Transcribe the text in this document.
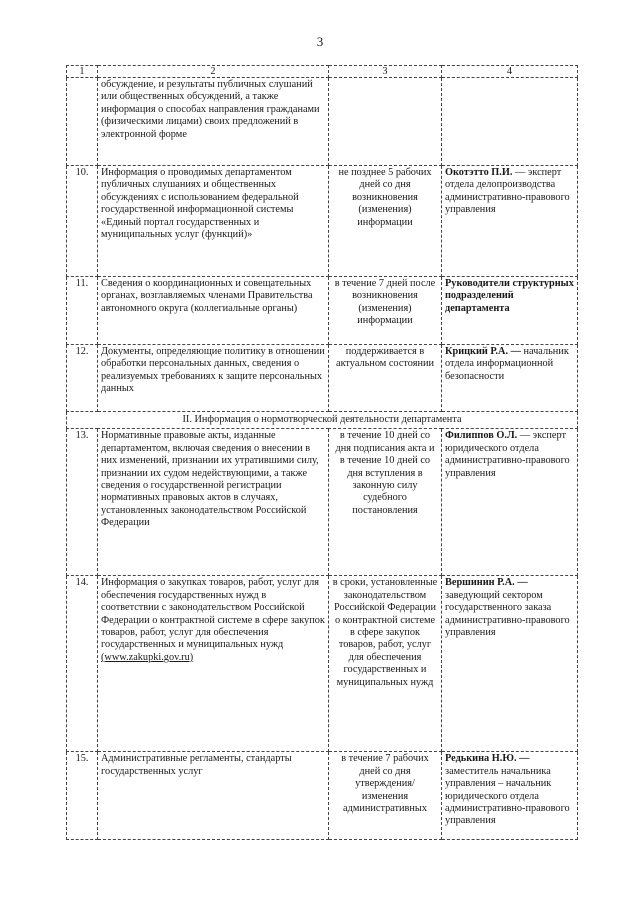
3
1	2	3	4
	обсуждение, и результаты публичных слушаний или общественных обсуждений, а также информация о способах направления гражданами (физическими лицами) своих предложений в электронной форме		
10.	Информация о проводимых департаментом публичных слушаниях и общественных обсуждениях с использованием федеральной государственной информационной системы «Единый портал государственных и муниципальных услуг (функций)»	не позднее 5 рабочих дней со дня возникновения (изменения) информации	Окотэтто П.И. — эксперт отдела делопроизводства административно-правового управления
11.	Сведения о координационных и совещательных органах, возглавляемых членами Правительства автономного округа (коллегиальные органы)	в течение 7 дней после возникновения (изменения) информации	Руководители структурных подразделений департамента
12.	Документы, определяющие политику в отношении обработки персональных данных, сведения о реализуемых требованиях к защите персональных данных	поддерживается в актуальном состоянии	Крицкий Р.А. — начальник отдела информационной безопасности
II. Информация о нормотворческой деятельности департамента			
13.	Нормативные правовые акты, изданные департаментом, включая сведения о внесении в них изменений, признании их утратившими силу, признании их судом недействующими, а также сведения о государственной регистрации нормативных правовых актов в случаях, установленных законодательством Российской Федерации	в течение 10 дней со дня подписания акта и в течение 10 дней со дня вступления в законную силу судебного постановления	Филиппов О.Л. — эксперт юридического отдела административно-правового управления
14.	Информация о закупках товаров, работ, услуг для обеспечения государственных нужд в соответствии с законодательством Российской Федерации о контрактной системе в сфере закупок товаров, работ, услуг для обеспечения государственных и муниципальных нужд (www.zakupki.gov.ru)	в сроки, установленные законодательством Российской Федерации о контрактной системе в сфере закупок товаров, работ, услуг для обеспечения государственных и муниципальных нужд	Вершинин Р.А. — заведующий сектором государственного заказа административно-правового управления
15.	Административные регламенты, стандарты государственных услуг	в течение 7 рабочих дней со дня утверждения/изменения административных	Редькина Н.Ю. — заместитель начальника управления – начальник юридического отдела административно-правового управления
